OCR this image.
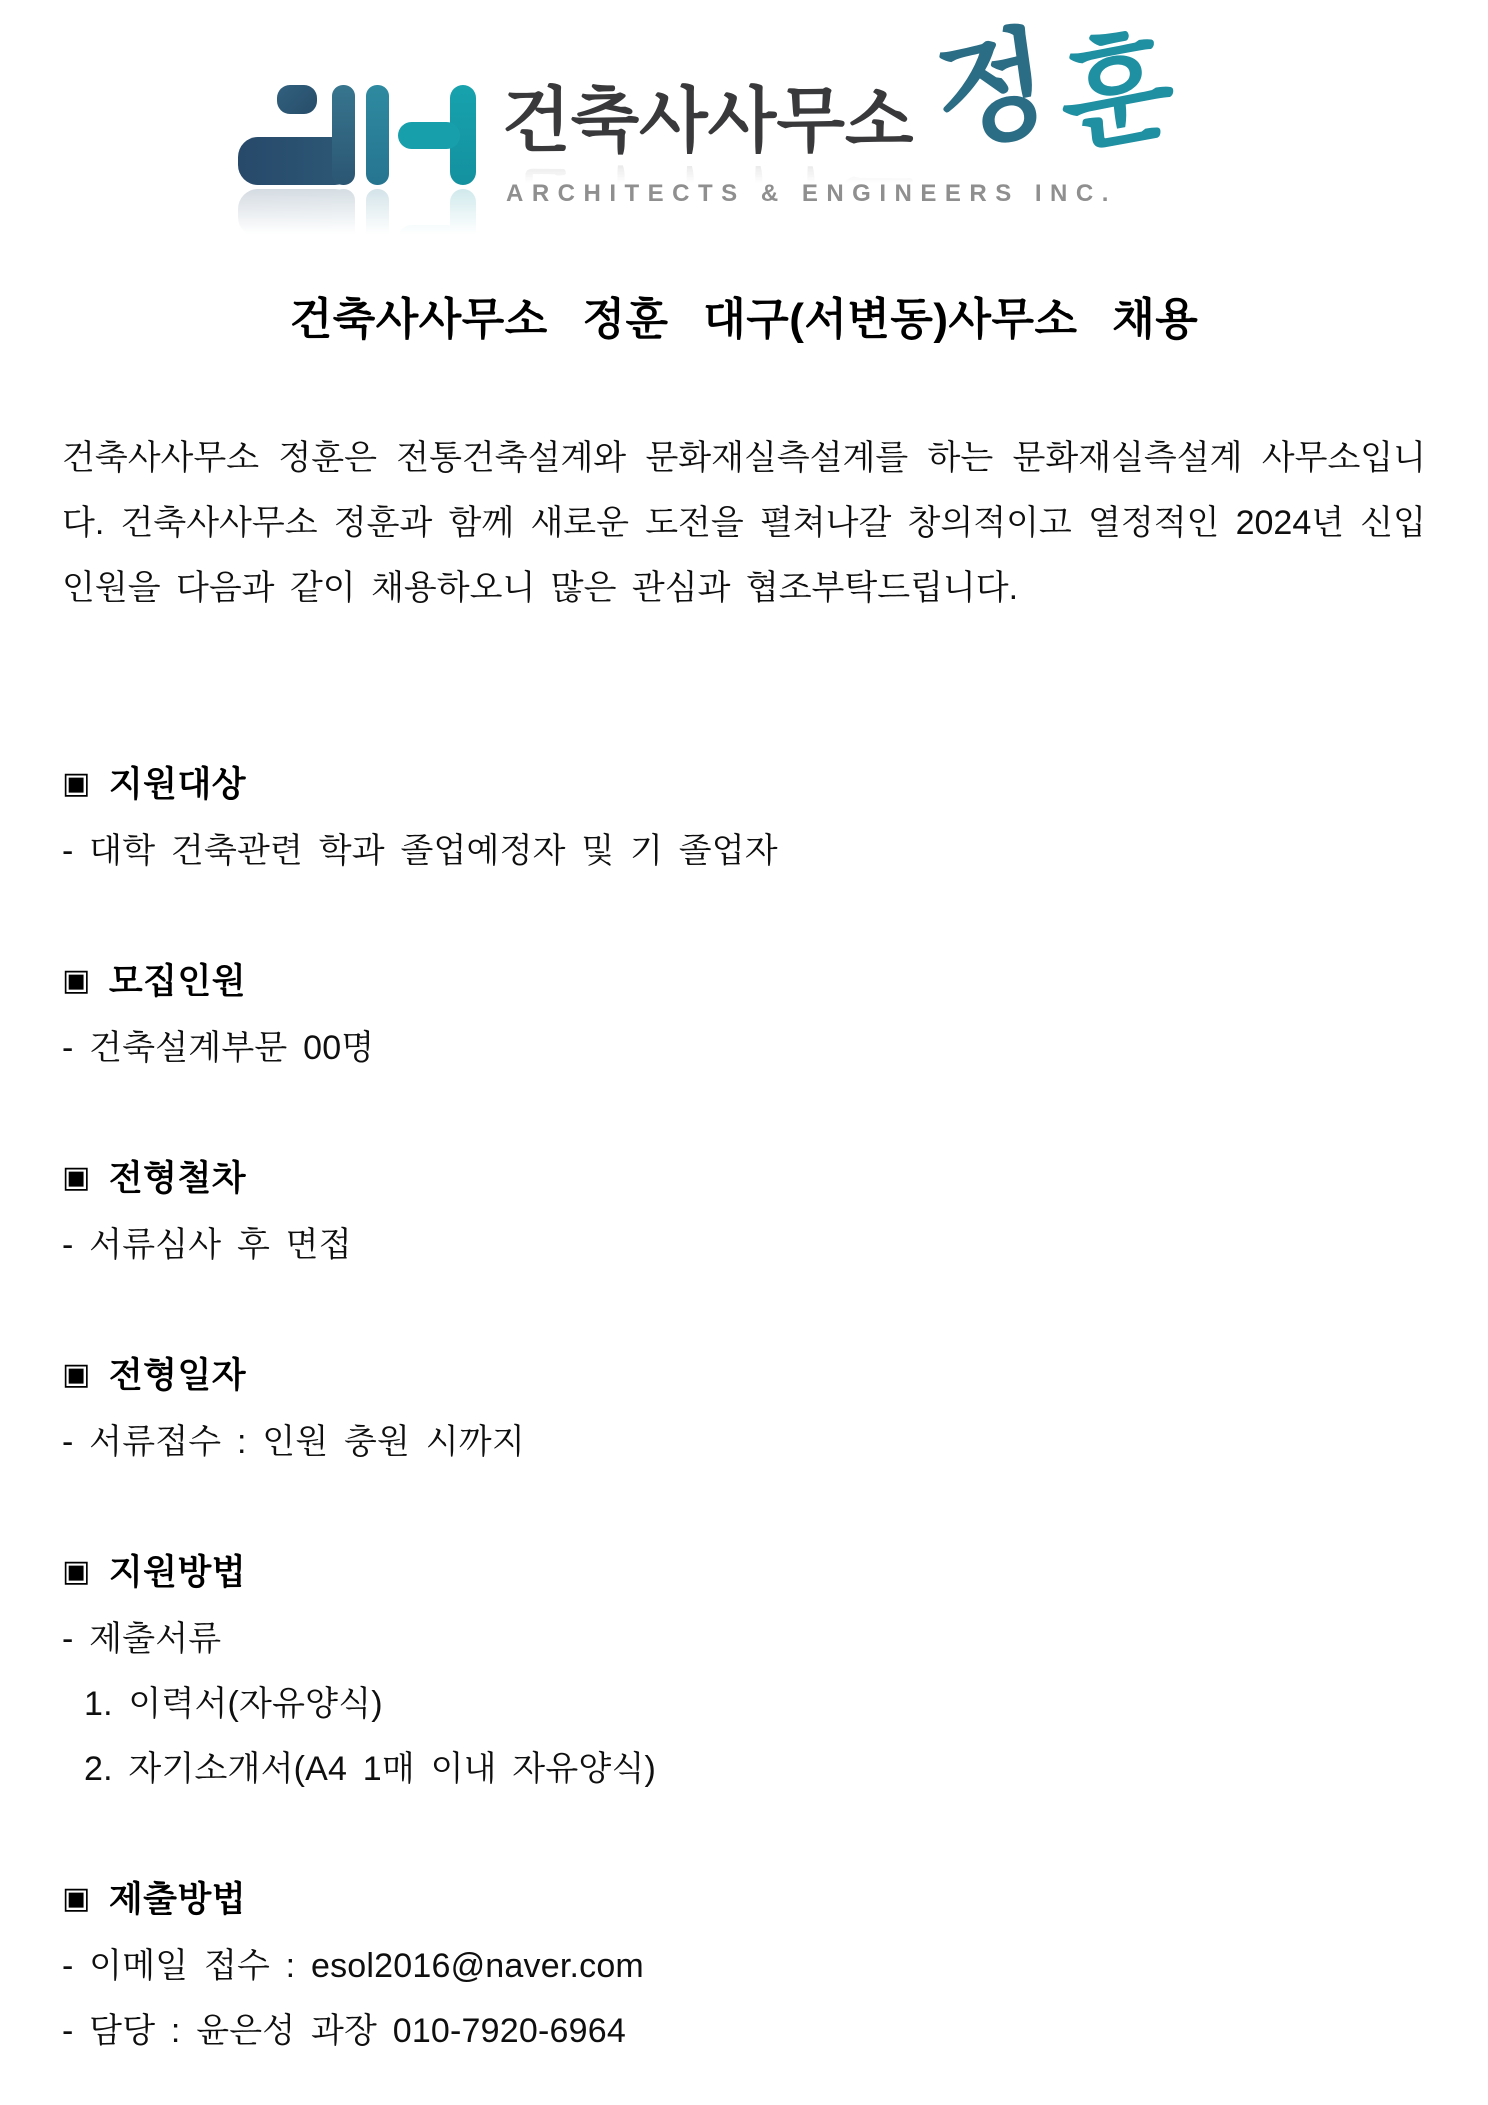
건축사사무소
ARCHITECTS & ENGINEERS INC.
정 훈
건축사사무소 정훈 대구(서변동)사무소 채용
건축사사무소 정훈은 전통건축설계와 문화재실측설계를 하는 문화재실측설계 사무소입니다. 건축사사무소 정훈과 함께 새로운 도전을 펼쳐나갈 창의적이고 열정적인 2024년 신입인원을 다음과 같이 채용하오니 많은 관심과 협조부탁드립니다.
▣ 지원대상
- 대학 건축관련 학과 졸업예정자 및 기 졸업자
▣ 모집인원
- 건축설계부문 00명
▣ 전형철차
- 서류심사 후 면접
▣ 전형일자
- 서류접수 : 인원 충원 시까지
▣ 지원방법
- 제출서류
1. 이력서(자유양식)
2. 자기소개서(A4 1매 이내 자유양식)
▣ 제출방법
- 이메일 접수 : esol2016@naver.com
- 담당 : 윤은성 과장 010-7920-6964
